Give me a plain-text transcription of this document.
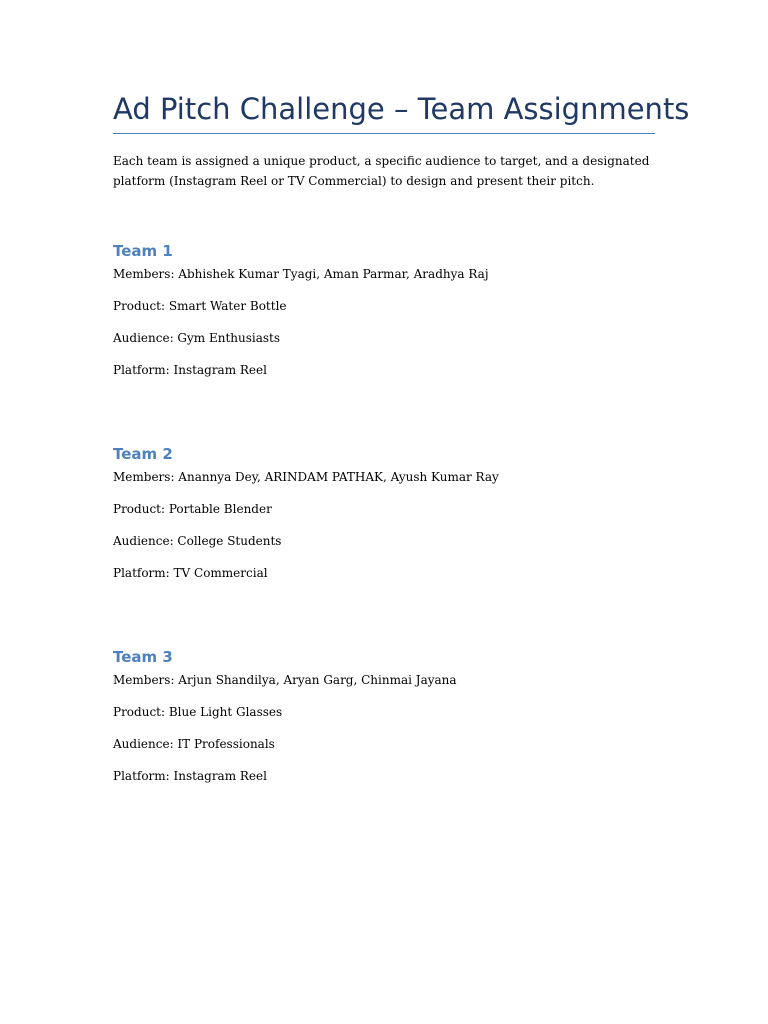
Ad Pitch Challenge – Team Assignments

Each team is assigned a unique product, a specific audience to target, and a designated platform (Instagram Reel or TV Commercial) to design and present their pitch.

Team 1

Members: Abhishek Kumar Tyagi, Aman Parmar, Aradhya Raj

Product: Smart Water Bottle

Audience: Gym Enthusiasts

Platform: Instagram Reel

Team 2

Members: Anannya Dey, ARINDAM PATHAK, Ayush Kumar Ray

Product: Portable Blender

Audience: College Students

Platform: TV Commercial

Team 3

Members: Arjun Shandilya, Aryan Garg, Chinmai Jayana

Product: Blue Light Glasses

Audience: IT Professionals

Platform: Instagram Reel
